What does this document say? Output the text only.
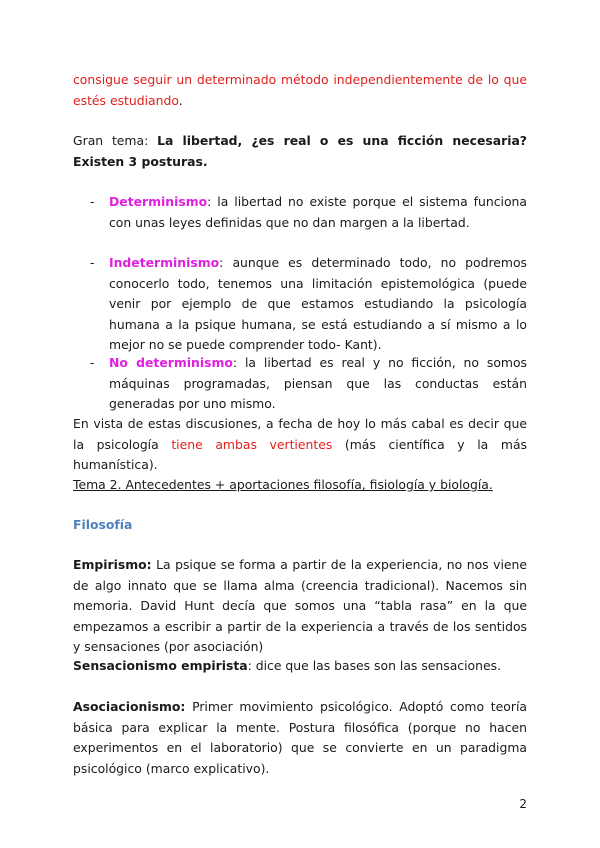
consigue seguir un determinado método independientemente de lo que estés estudiando.

Gran tema: La libertad, ¿es real o es una ficción necesaria? Existen 3 posturas.

-	Determinismo: la libertad no existe porque el sistema funciona con unas leyes definidas que no dan margen a la libertad.

-	Indeterminismo: aunque es determinado todo, no podremos conocerlo todo, tenemos una limitación epistemológica (puede venir por ejemplo de que estamos estudiando la psicología humana a la psique humana, se está estudiando a sí mismo a lo mejor no se puede comprender todo- Kant).

-	No determinismo: la libertad es real y no ficción, no somos máquinas programadas, piensan que las conductas están generadas por uno mismo.

En vista de estas discusiones, a fecha de hoy lo más cabal es decir que la psicología tiene ambas vertientes (más científica y la más humanística).

Tema 2. Antecedentes + aportaciones filosofía, fisiología y biología.

Filosofía

Empirismo: La psique se forma a partir de la experiencia, no nos viene de algo innato que se llama alma (creencia tradicional). Nacemos sin memoria. David Hunt decía que somos una “tabla rasa” en la que empezamos a escribir a partir de la experiencia a través de los sentidos y sensaciones (por asociación)

Sensacionismo empirista: dice que las bases son las sensaciones.

Asociacionismo: Primer movimiento psicológico. Adoptó como teoría básica para explicar la mente. Postura filosófica (porque no hacen experimentos en el laboratorio) que se convierte en un paradigma psicológico (marco explicativo).

2
